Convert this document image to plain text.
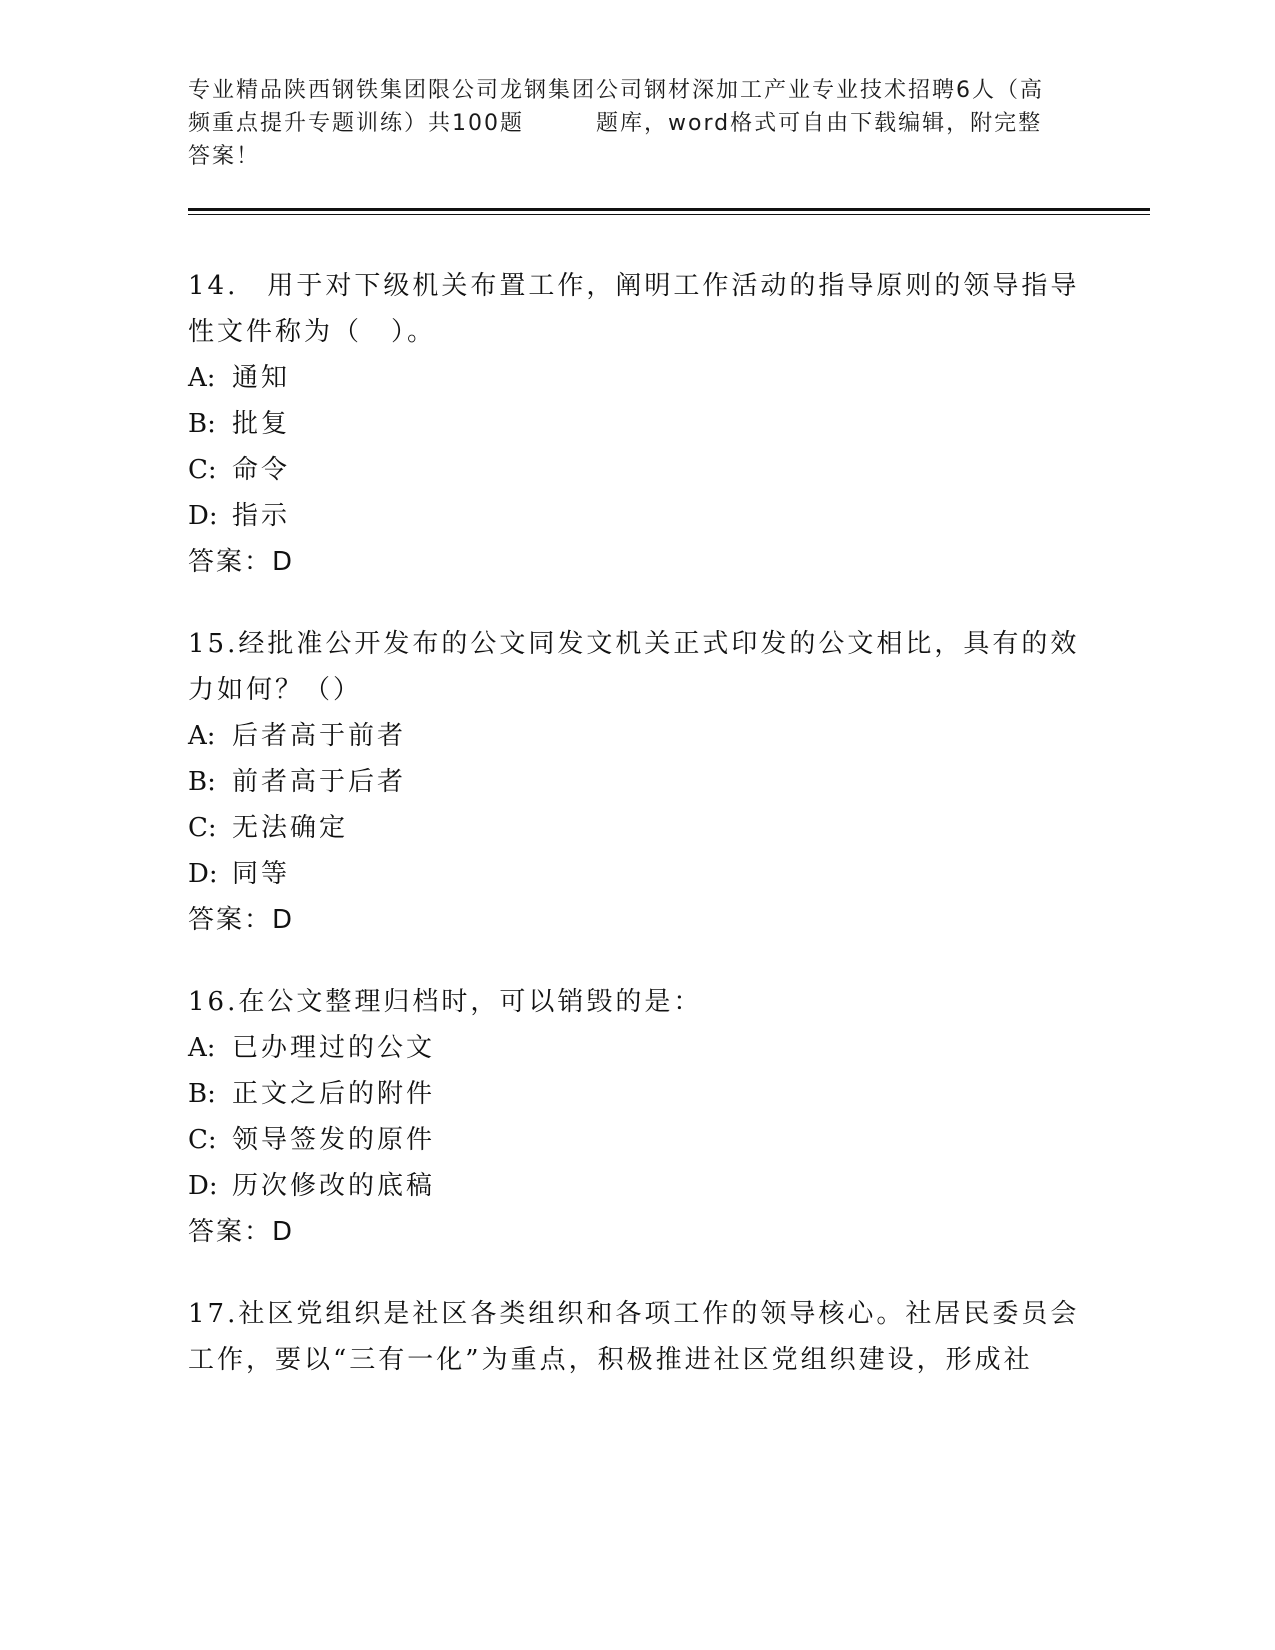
专业精品陕西钢铁集团限公司龙钢集团公司钢材深加工产业专业技术招聘6人（高
频重点提升专题训练）共100题　　　题库，word格式可自由下载编辑，附完整
答案！
14.　用于对下级机关布置工作，阐明工作活动的指导原则的领导指导性文件称为（　）。
A: 通知
B: 批复
C: 命令
D: 指示
答案：D
15.经批准公开发布的公文同发文机关正式印发的公文相比，具有的效力如何？（）
A: 后者高于前者
B: 前者高于后者
C: 无法确定
D: 同等
答案：D
16.在公文整理归档时，可以销毁的是：
A: 已办理过的公文
B: 正文之后的附件
C: 领导签发的原件
D: 历次修改的底稿
答案：D
17.社区党组织是社区各类组织和各项工作的领导核心。社居民委员会工作，要以“三有一化”为重点，积极推进社区党组织建设，形成社
